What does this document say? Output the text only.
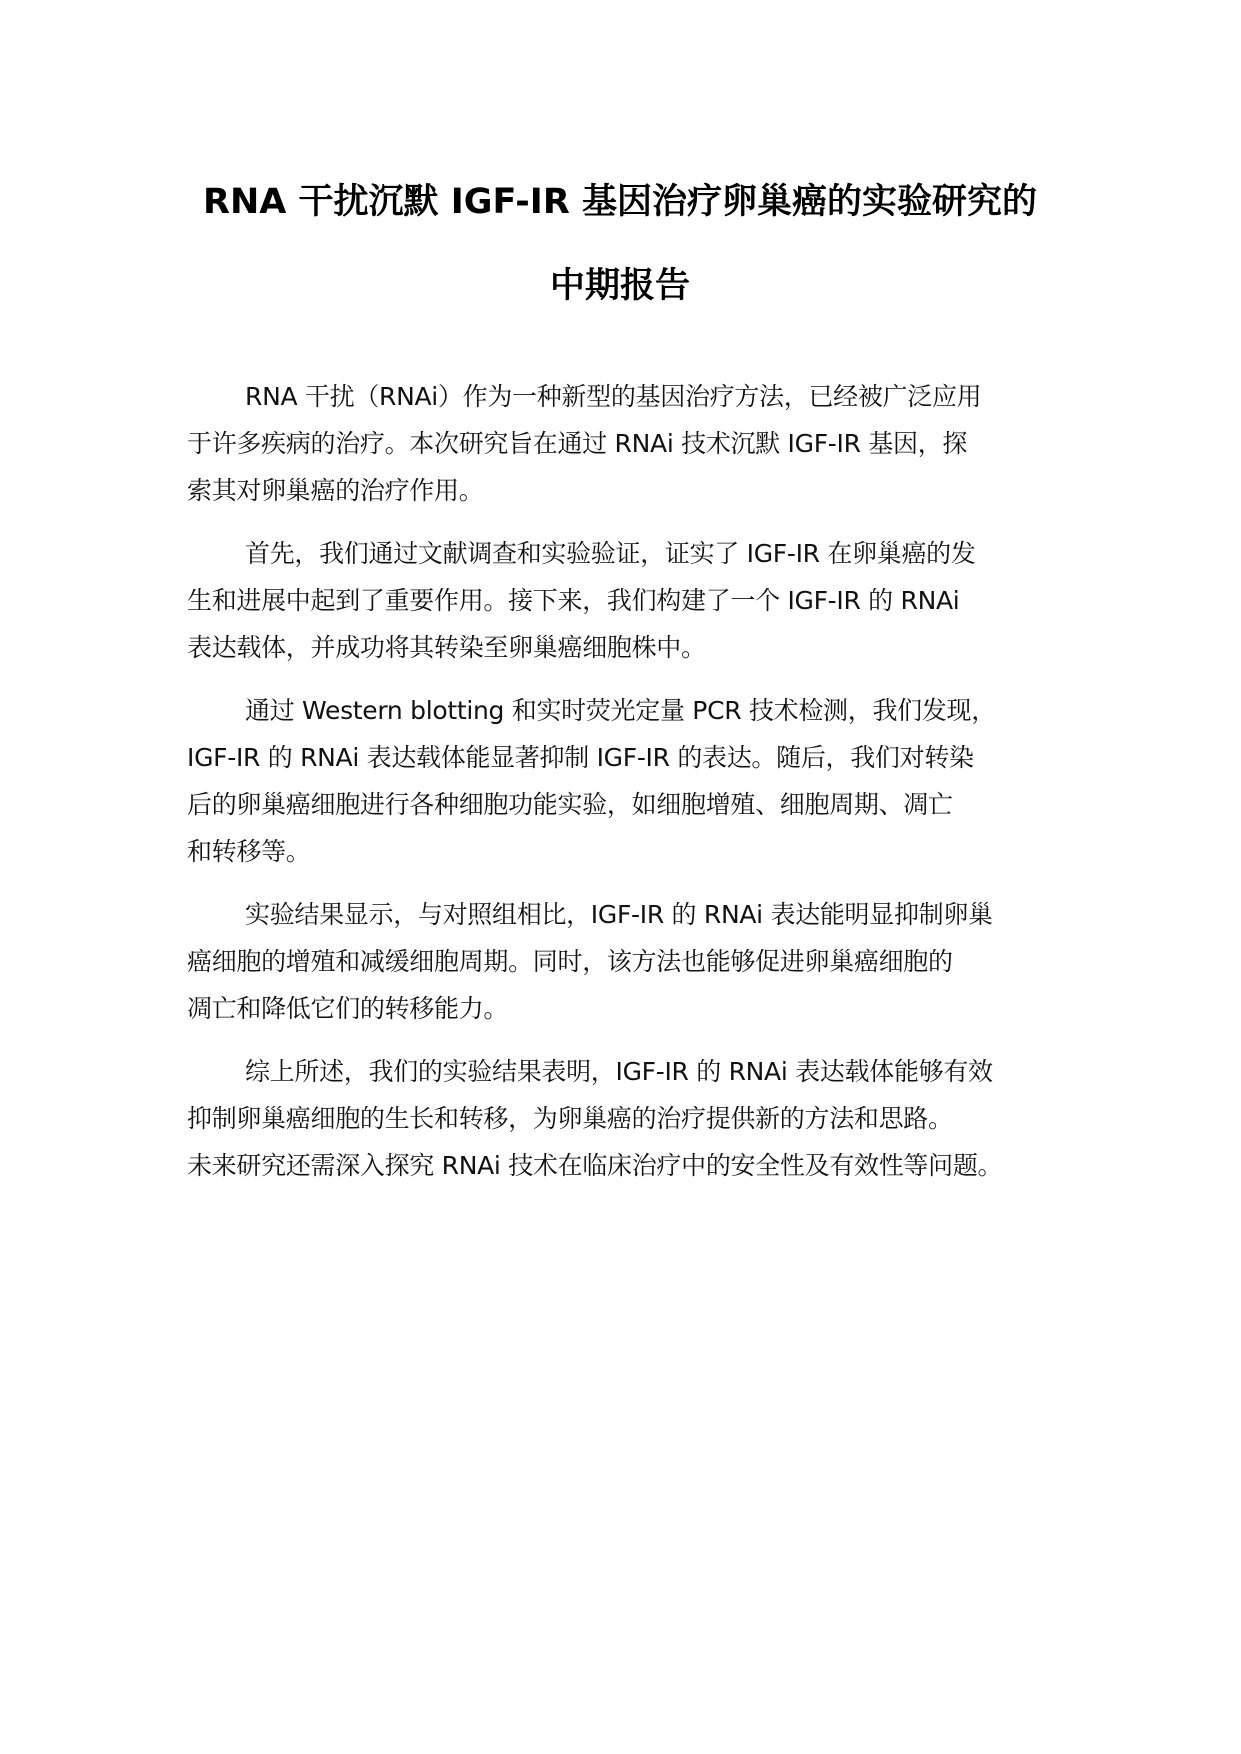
RNA 干扰沉默 IGF-IR 基因治疗卵巢癌的实验研究的
中期报告
RNA 干扰（RNAi）作为一种新型的基因治疗方法，已经被广泛应用
于许多疾病的治疗。本次研究旨在通过 RNAi 技术沉默 IGF-IR 基因，探
索其对卵巢癌的治疗作用。
首先，我们通过文献调查和实验验证，证实了 IGF-IR 在卵巢癌的发
生和进展中起到了重要作用。接下来，我们构建了一个 IGF-IR 的 RNAi
表达载体，并成功将其转染至卵巢癌细胞株中。
通过 Western blotting 和实时荧光定量 PCR 技术检测，我们发现，
IGF-IR 的 RNAi 表达载体能显著抑制 IGF-IR 的表达。随后，我们对转染
后的卵巢癌细胞进行各种细胞功能实验，如细胞增殖、细胞周期、凋亡
和转移等。
实验结果显示，与对照组相比，IGF-IR 的 RNAi 表达能明显抑制卵巢
癌细胞的增殖和减缓细胞周期。同时，该方法也能够促进卵巢癌细胞的
凋亡和降低它们的转移能力。
综上所述，我们的实验结果表明，IGF-IR 的 RNAi 表达载体能够有效
抑制卵巢癌细胞的生长和转移，为卵巢癌的治疗提供新的方法和思路。
未来研究还需深入探究 RNAi 技术在临床治疗中的安全性及有效性等问题。
